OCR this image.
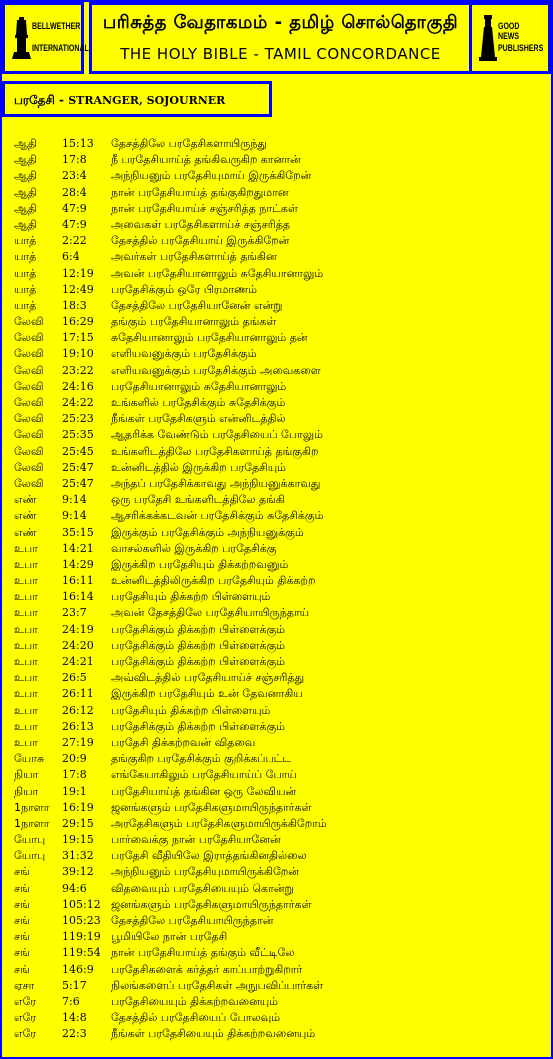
BELLWETHER
INTERNATIONAL
பரிசுத்த வேதாகமம் - தமிழ் சொல்தொகுதி
THE HOLY BIBLE - TAMIL CONCORDANCE
GOOD NEWS
PUBLISHERS
பரதேசி - STRANGER, SOJOURNER
ஆதி 15:13 தேசத்திலே பரதேசிகளாயிருந்து
ஆதி 17:8 நீ பரதேசியாய்த் தங்கிவருகிற கானான்
ஆதி 23:4 அந்நியனும் பரதேசியுமாய் இருக்கிறேன்
ஆதி 28:4 நான் பரதேசியாய்த் தங்குகிறதுமான
ஆதி 47:9 நான் பரதேசியாய்ச் சஞ்சரித்த நாட்கள்
ஆதி 47:9 அவைகள் பரதேசிகளாய்ச் சஞ்சரித்த
யாத் 2:22 தேசத்தில் பரதேசியாய் இருக்கிறேன்
யாத் 6:4	அவர்கள் பரதேசிகளாய்த் தங்கின
யாத் 12:19 அவன் பரதேசியானாலும் சுதேசியானாலும்
யாத் 12:49 பரதேசிக்கும் ஒரே பிரமாணம்
யாத் 18:3 தேசத்திலே பரதேசியானேன் என்று
லேவி 16:29 தங்கும் பரதேசியானாலும் தங்கள்
லேவி 17:15 சுதேசியானாலும் பரதேசியானாலும் தன்
லேவி 19:10 எளியவனுக்கும் பரதேசிக்கும்
லேவி 23:22 எளியவனுக்கும் பரதேசிக்கும் அவைகளை
லேவி 24:16 பரதேசியானாலும் சுதேசியானாலும்
லேவி 24:22 உங்களில் பரதேசிக்கும் சுதேசிக்கும்
லேவி 25:23 நீங்கள் பரதேசிகளும் என்னிடத்தில்
லேவி 25:35 ஆதரிக்க வேண்டும் பரதேசியைப் போலும்
லேவி 25:45 உங்களிடத்திலே பரதேசிகளாய்த் தங்குகிற
லேவி 25:47 உன்னிடத்தில் இருக்கிற பரதேசியும்
லேவி 25:47 அந்தப் பரதேசிக்காவது அந்நியனுக்காவது
எண் 9:14 ஒரு பரதேசி உங்களிடத்திலே தங்கி
எண் 9:14 ஆசரிக்கக்கடவன் பரதேசிக்கும் சுதேசிக்கும்
எண் 35:15 இருக்கும் பரதேசிக்கும் அந்நியனுக்கும்
உபா 14:21 வாசல்களில் இருக்கிற பரதேசிக்கு
உபா 14:29 இருக்கிற பரதேசியும் திக்கற்றவனும்
உபா 16:11 உன்னிடத்திலிருக்கிற பரதேசியும் திக்கற்ற
உபா 16:14 பரதேசியும் திக்கற்ற பிள்ளையும்
உபா 23:7 அவன் தேசத்திலே பரதேசியாயிருந்தாய்
உபா 24:19 பரதேசிக்கும் திக்கற்ற பிள்ளைக்கும்
உபா 24:20 பரதேசிக்கும் திக்கற்ற பிள்ளைக்கும்
உபா 24:21 பரதேசிக்கும் திக்கற்ற பிள்ளைக்கும்
உபா 26:5 அவ்விடத்தில் பரதேசியாய்ச் சஞ்சரித்து
உபா 26:11 இருக்கிற பரதேசியும் உன் தேவனாகிய
உபா 26:12 பரதேசியும் திக்கற்ற பிள்ளையும்
உபா 26:13 பரதேசிக்கும் திக்கற்ற பிள்ளைக்கும்
உபா 27:19 பரதேசி திக்கற்றவன் விதவை
யோசு 20:9 தங்குகிற பரதேசிக்கும் குறிக்கப்பட்ட
நியா 17:8 எங்கேயாகிலும் பரதேசியாய்ப் போய்
நியா 19:1 பரதேசியாய்த் தங்கின ஒரு லேவியன்
1நாளா 16:19 ஜனங்களும் பரதேசிகளுமாயிருந்தார்கள்
1நாளா 29:15 அரதேசிகளும் பரதேசிகளுமாயிருக்கிறோம்
யோபு 19:15 பார்வைக்கு நான் பரதேசியானேன்
யோபு 31:32 பரதேசி வீதியிலே இராத்தங்கினதில்லை
சங்	39:12 அந்நியனும் பரதேசியுமாயிருக்கிறேன்
சங்	94:6 விதவையும் பரதேசியையும் கொன்று
சங்	105:12 ஜனங்களும் பரதேசிகளுமாயிருந்தார்கள்
சங்	105:23 தேசத்திலே பரதேசியாயிருந்தான்
சங்	119:19 பூமியிலே நான் பரதேசி
சங்	119:54 நான் பரதேசியாய்த் தங்கும் வீட்டிலே
சங்	146:9 பரதேசிகளைக் கர்த்தர் காப்பாற்றுகிறார்
ஏசா	5:17 நிலங்களைப் பரதேசிகள் அநுபவிப்பார்கள்
எரே 7:6	பரதேசியையும் திக்கற்றவனையும்
எரே 14:8 தேசத்தில் பரதேசியைப் போலவும்
எரே 22:3 நீங்கள் பரதேசியையும் திக்கற்றவனையும்
